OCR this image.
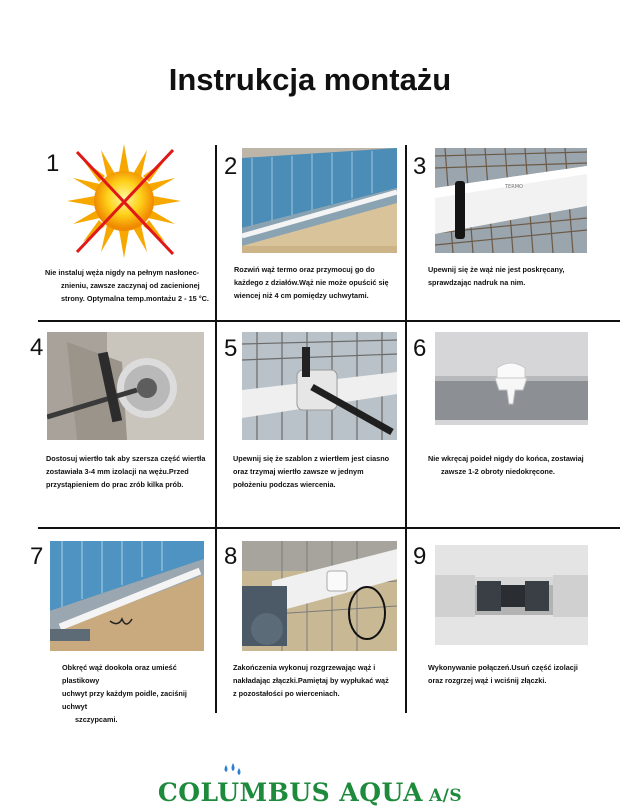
Instrukcja montażu
1
Nie instaluj węża nigdy na pełnym nasłonec-
znieniu, zawsze zaczynaj od zacienionej
strony. Optymalna temp.montażu 2 - 15 °C.
2
Rozwiń wąż termo oraz przymocuj go do
każdego z działów.Wąż nie może opuścić się
wiencej niż 4 cm pomiędzy uchwytami.
3
TERMO
Upewnij się że wąż nie jest poskręcany,
sprawdzając nadruk na nim.
4
Dostosuj wiertło tak aby szersza część wiertła
zostawiała 3-4 mm izolacji na wężu.Przed
przystąpieniem do prac zrób kilka prób.
5
Upewnij się że szablon z wiertłem jest ciasno
oraz trzymaj wiertło zawsze w jednym
położeniu podczas wiercenia.
6
Nie wkręcaj poideł nigdy do końca, zostawiaj
zawsze 1-2 obroty niedokręcone.
7
Obkręć wąż dookoła oraz umieść plastikowy
uchwyt przy każdym poidle, zaciśnij uchwyt
szczypcami.
8
Zakończenia wykonuj rozgrzewając wąż i
nakładając złączki.Pamiętaj by wypłukać wąż
z pozostałości po wierceniach.
9
Wykonywanie połączeń.Usuń część izolacji
oraz rozgrzej wąż i wciśnij złączki.
COLUMBUS AQUA A/S
